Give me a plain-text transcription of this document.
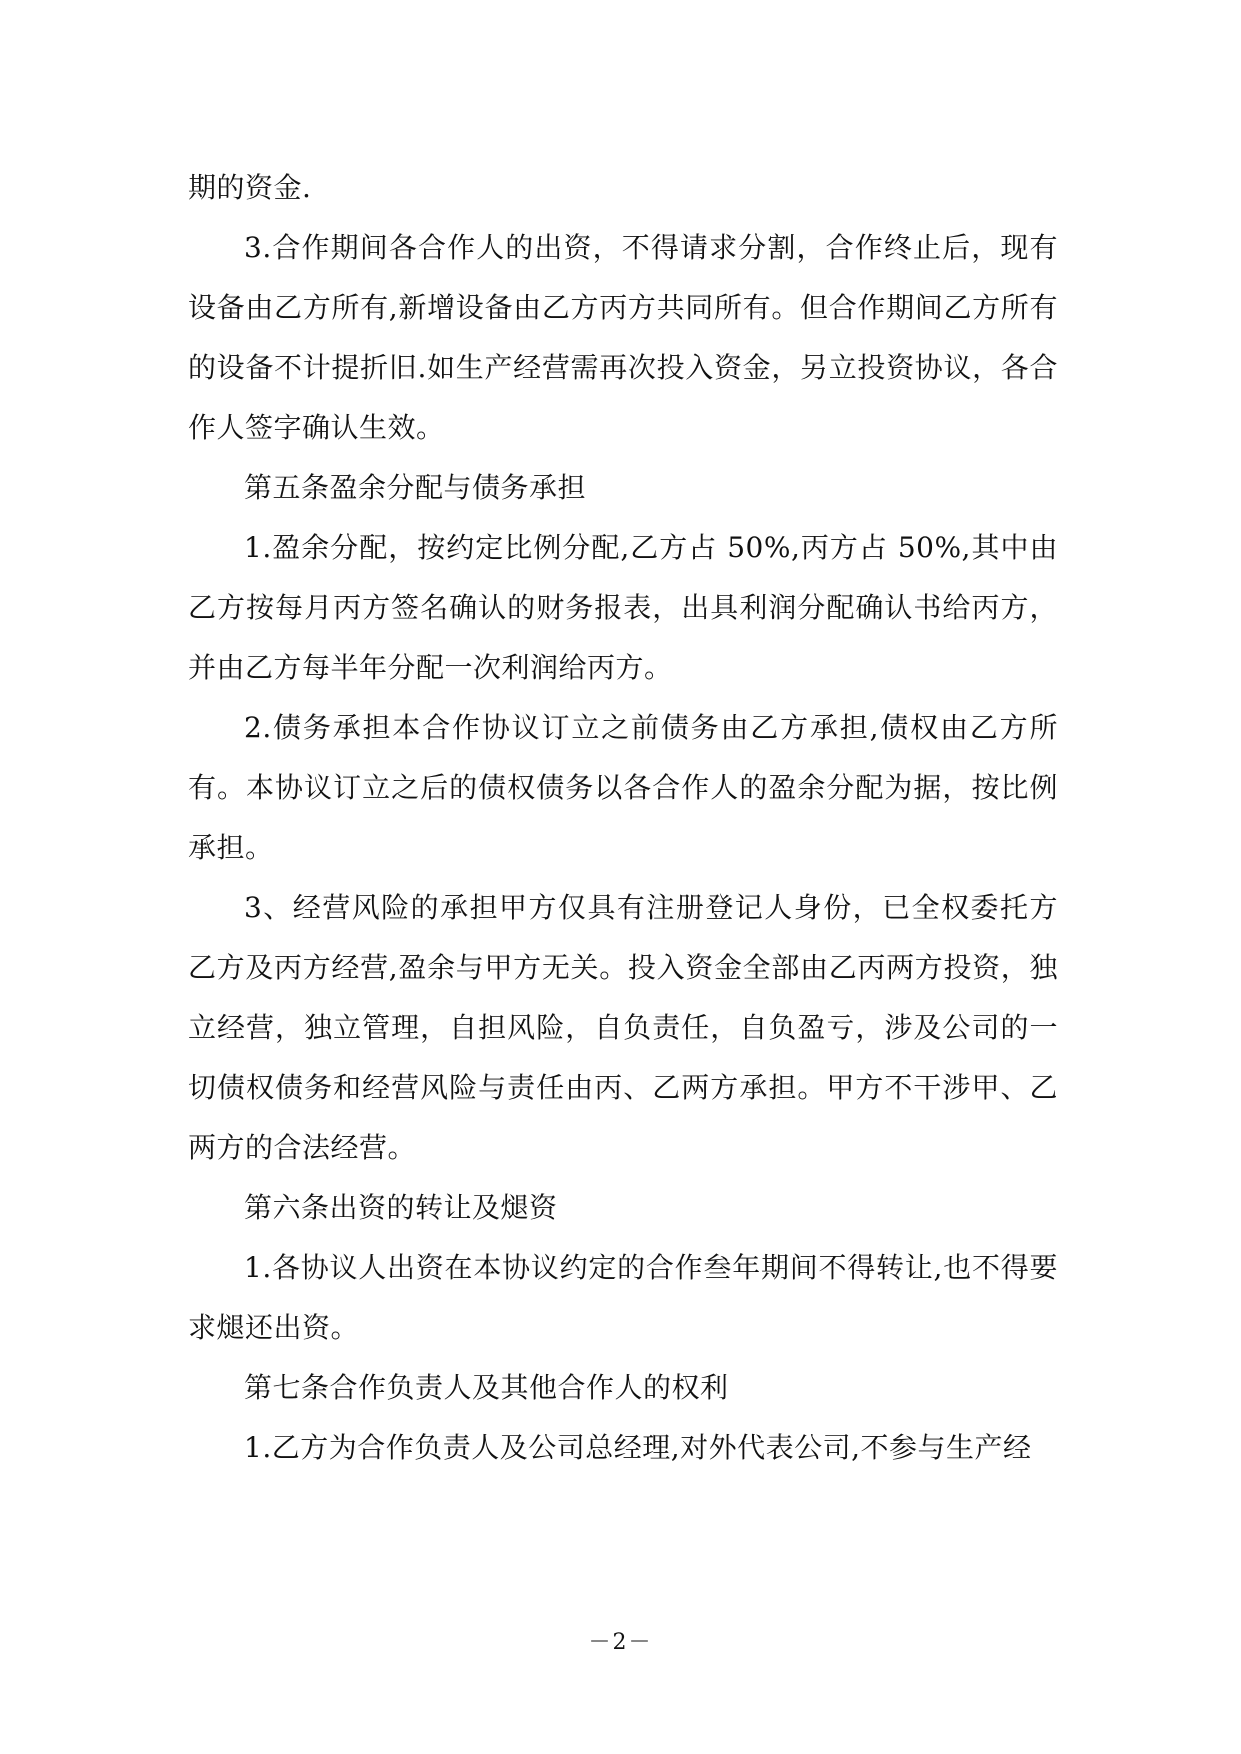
期的资金.

3.合作期间各合作人的出资，不得请求分割，合作终止后，现有设备由乙方所有,新增设备由乙方丙方共同所有。但合作期间乙方所有的设备不计提折旧.如生产经营需再次投入资金，另立投资协议，各合作人签字确认生效。

第五条盈余分配与债务承担

1.盈余分配，按约定比例分配,乙方占 50%,丙方占 50%,其中由乙方按每月丙方签名确认的财务报表，出具利润分配确认书给丙方，并由乙方每半年分配一次利润给丙方。

2.债务承担本合作协议订立之前债务由乙方承担,债权由乙方所有。本协议订立之后的债权债务以各合作人的盈余分配为据，按比例承担。

3、经营风险的承担甲方仅具有注册登记人身份，已全权委托方乙方及丙方经营,盈余与甲方无关。投入资金全部由乙丙两方投资，独立经营，独立管理，自担风险，自负责任，自负盈亏，涉及公司的一切债权债务和经营风险与责任由丙、乙两方承担。甲方不干涉甲、乙两方的合法经营。

第六条出资的转让及煺资

1.各协议人出资在本协议约定的合作叁年期间不得转让,也不得要求煺还出资。

第七条合作负责人及其他合作人的权利

1.乙方为合作负责人及公司总经理,对外代表公司,不参与生产经

－2－
